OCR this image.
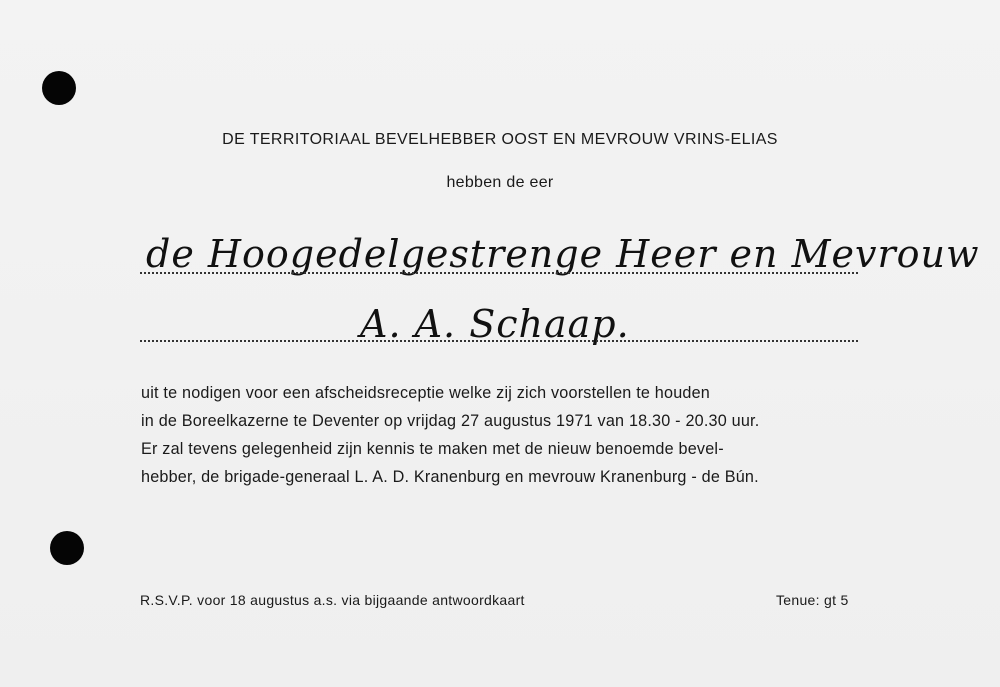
DE TERRITORIAAL BEVELHEBBER OOST EN MEVROUW VRINS-ELIAS
hebben de eer
de Hoogedelgestrenge Heer en Mevrouw
A. A. Schaap.
uit te nodigen voor een afscheidsreceptie welke zij zich voorstellen te houden
in de Boreelkazerne te Deventer op vrijdag 27 augustus 1971 van 18.30 - 20.30 uur.
Er zal tevens gelegenheid zijn kennis te maken met de nieuw benoemde bevel-
hebber, de brigade-generaal L. A. D. Kranenburg en mevrouw Kranenburg - de Bún.
R.S.V.P. voor 18 augustus a.s. via bijgaande antwoordkaart	Tenue: gt 5
